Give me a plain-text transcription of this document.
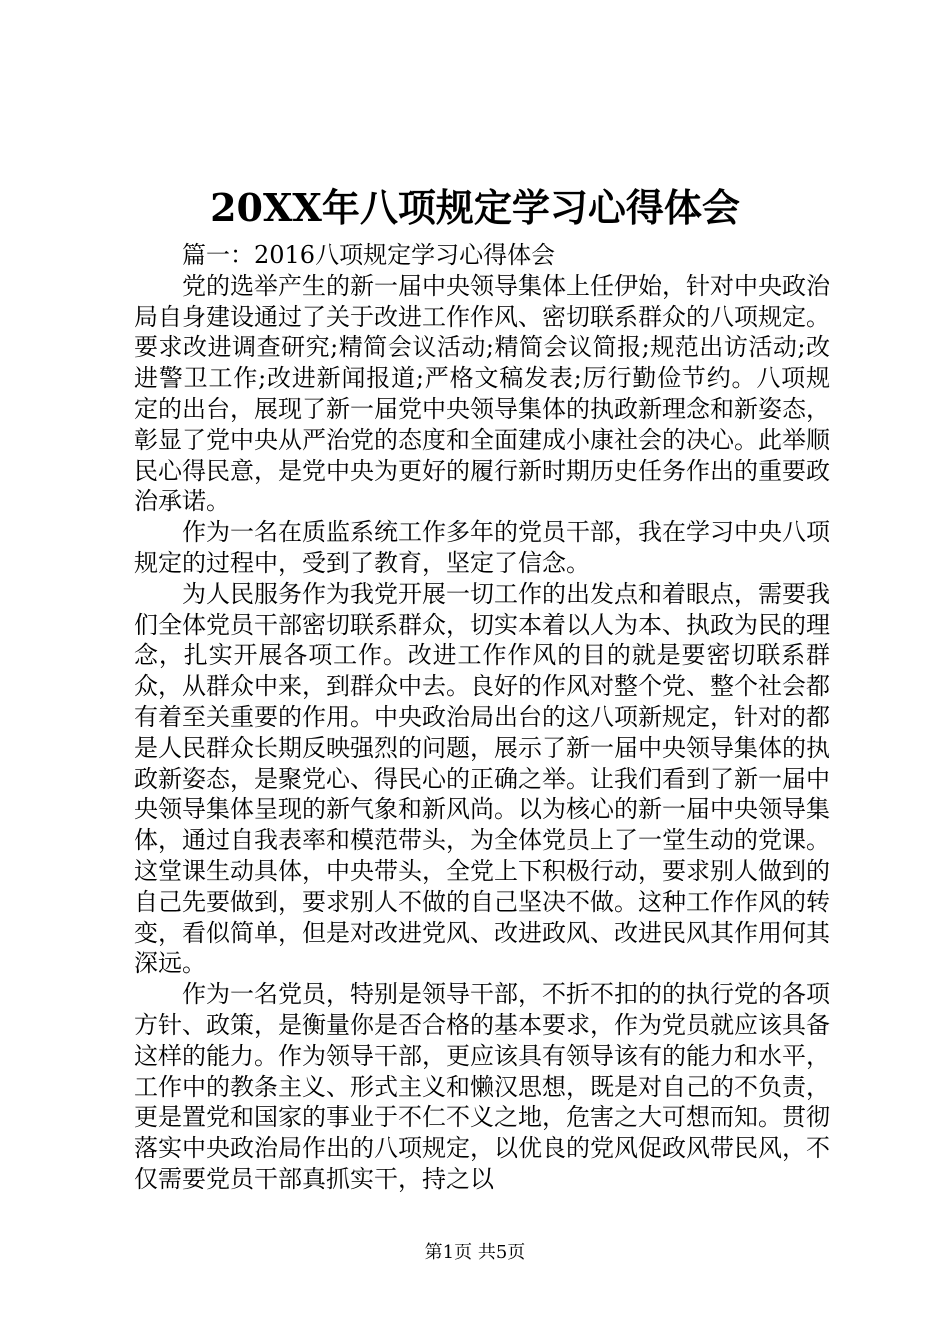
20XX年八项规定学习心得体会

篇一：2016八项规定学习心得体会

党的选举产生的新一届中央领导集体上任伊始，针对中央政治局自身建设通过了关于改进工作作风、密切联系群众的八项规定。要求改进调查研究;精简会议活动;精简会议简报;规范出访活动;改进警卫工作;改进新闻报道;严格文稿发表;厉行勤俭节约。八项规定的出台，展现了新一届党中央领导集体的执政新理念和新姿态，彰显了党中央从严治党的态度和全面建成小康社会的决心。此举顺民心得民意，是党中央为更好的履行新时期历史任务作出的重要政治承诺。

作为一名在质监系统工作多年的党员干部，我在学习中央八项规定的过程中，受到了教育，坚定了信念。

为人民服务作为我党开展一切工作的出发点和着眼点，需要我们全体党员干部密切联系群众，切实本着以人为本、执政为民的理念，扎实开展各项工作。改进工作作风的目的就是要密切联系群众，从群众中来，到群众中去。良好的作风对整个党、整个社会都有着至关重要的作用。中央政治局出台的这八项新规定，针对的都是人民群众长期反映强烈的问题，展示了新一届中央领导集体的执政新姿态，是聚党心、得民心的正确之举。让我们看到了新一届中央领导集体呈现的新气象和新风尚。以为核心的新一届中央领导集体，通过自我表率和模范带头，为全体党员上了一堂生动的党课。这堂课生动具体，中央带头，全党上下积极行动，要求别人做到的自己先要做到，要求别人不做的自己坚决不做。这种工作作风的转变，看似简单，但是对改进党风、改进政风、改进民风其作用何其深远。

作为一名党员，特别是领导干部，不折不扣的的执行党的各项方针、政策，是衡量你是否合格的基本要求，作为党员就应该具备这样的能力。作为领导干部，更应该具有领导该有的能力和水平，工作中的教条主义、形式主义和懒汉思想，既是对自己的不负责，更是置党和国家的事业于不仁不义之地，危害之大可想而知。贯彻落实中央政治局作出的八项规定，以优良的党风促政风带民风，不仅需要党员干部真抓实干，持之以

第1页 共5页
